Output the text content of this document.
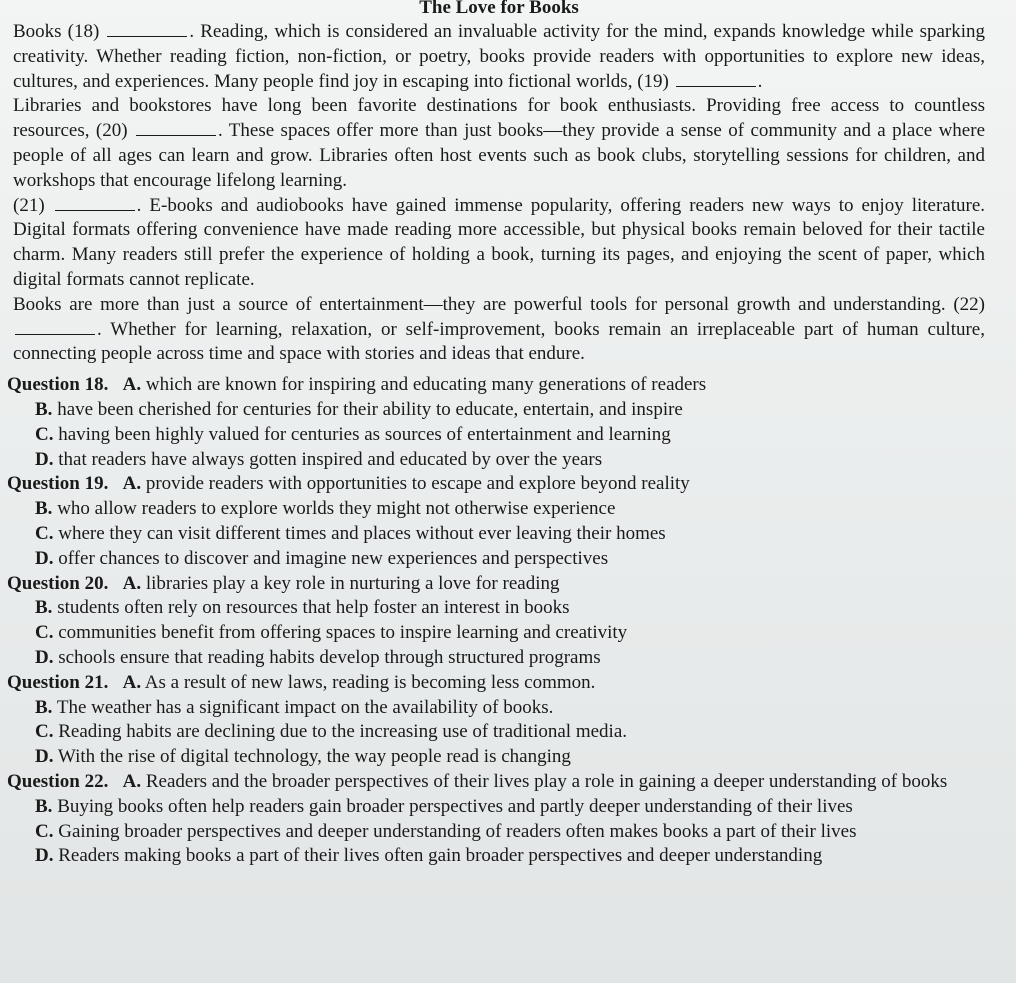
The Love for Books

Books (18)	. Reading, which is considered an invaluable activity for the mind, expands knowledge while sparking creativity. Whether reading fiction, non-fiction, or poetry, books provide readers with opportunities to explore new ideas, cultures, and experiences. Many people find joy in escaping into fictional worlds, (19)	.

Libraries and bookstores have long been favorite destinations for book enthusiasts. Providing free access to countless resources, (20)	. These spaces offer more than just books—they provide a sense of community and a place where people of all ages can learn and grow. Libraries often host events such as book clubs, storytelling sessions for children, and workshops that encourage lifelong learning.

(21)	. E-books and audiobooks have gained immense popularity, offering readers new ways to enjoy literature. Digital formats offering convenience have made reading more accessible, but physical books remain beloved for their tactile charm. Many readers still prefer the experience of holding a book, turning its pages, and enjoying the scent of paper, which digital formats cannot replicate.

Books are more than just a source of entertainment—they are powerful tools for personal growth and understanding. (22) . Whether for learning, relaxation, or self-improvement, books remain an irreplaceable part of human culture, connecting people across time and space with stories and ideas that endure.

Question 18. A. which are known for inspiring and educating many generations of readers

B. have been cherished for centuries for their ability to educate, entertain, and inspire

C. having been highly valued for centuries as sources of entertainment and learning

D. that readers have always gotten inspired and educated by over the years

Question 19. A. provide readers with opportunities to escape and explore beyond reality

B. who allow readers to explore worlds they might not otherwise experience

C. where they can visit different times and places without ever leaving their homes

D. offer chances to discover and imagine new experiences and perspectives

Question 20. A. libraries play a key role in nurturing a love for reading

B. students often rely on resources that help foster an interest in books

C. communities benefit from offering spaces to inspire learning and creativity

D. schools ensure that reading habits develop through structured programs

Question 21. A. As a result of new laws, reading is becoming less common.

B. The weather has a significant impact on the availability of books.

C. Reading habits are declining due to the increasing use of traditional media.

D. With the rise of digital technology, the way people read is changing

Question 22. A. Readers and the broader perspectives of their lives play a role in gaining a deeper understanding of books

B. Buying books often help readers gain broader perspectives and partly deeper understanding of their lives

C. Gaining broader perspectives and deeper understanding of readers often makes books a part of their lives

D. Readers making books a part of their lives often gain broader perspectives and deeper understanding
